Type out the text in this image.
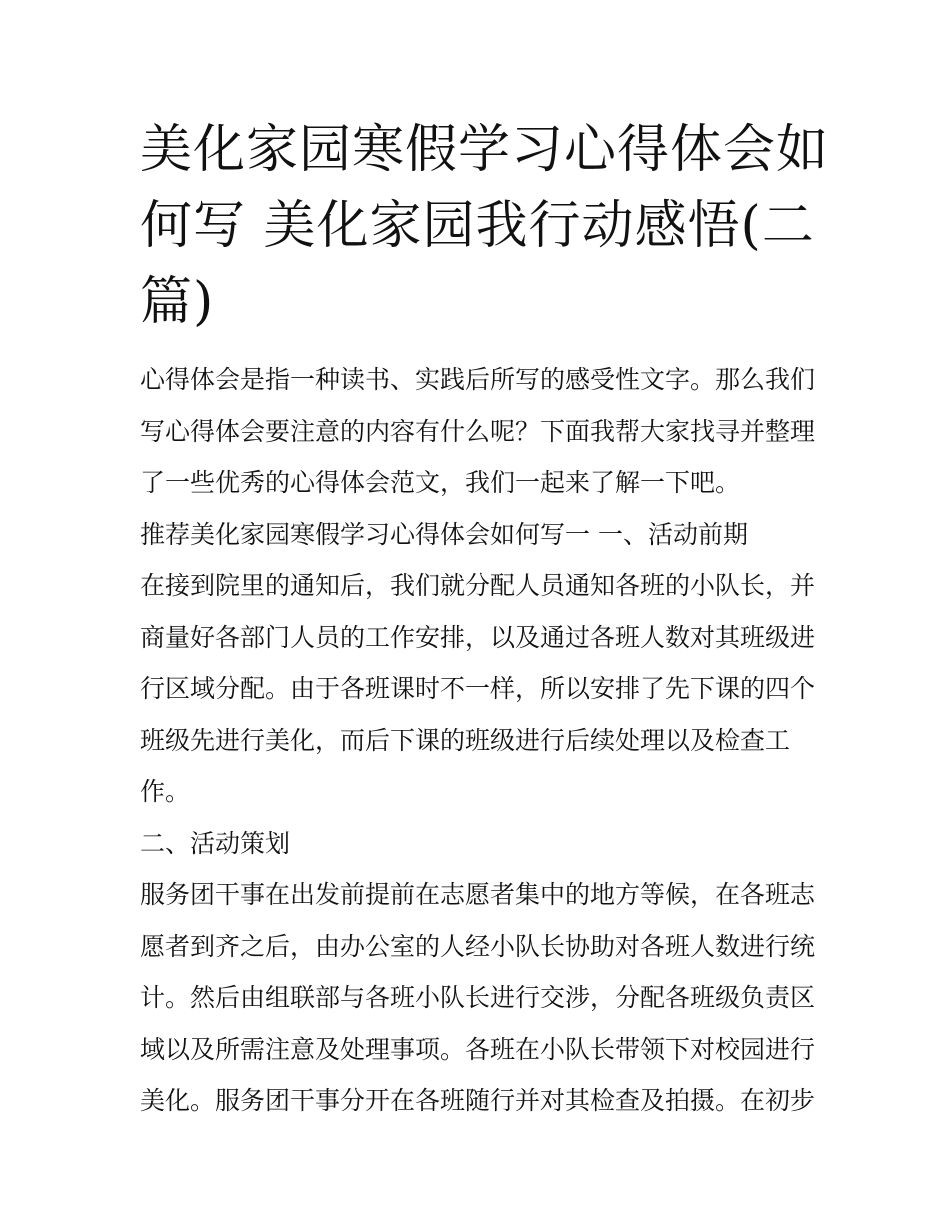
美化家园寒假学习心得体会如
何写 美化家园我行动感悟(二
篇)
心得体会是指一种读书、实践后所写的感受性文字。那么我们
写心得体会要注意的内容有什么呢？下面我帮大家找寻并整理
了一些优秀的心得体会范文，我们一起来了解一下吧。
推荐美化家园寒假学习心得体会如何写一 一、活动前期
在接到院里的通知后，我们就分配人员通知各班的小队长，并
商量好各部门人员的工作安排，以及通过各班人数对其班级进
行区域分配。由于各班课时不一样，所以安排了先下课的四个
班级先进行美化，而后下课的班级进行后续处理以及检查工
作。
二、活动策划
服务团干事在出发前提前在志愿者集中的地方等候，在各班志
愿者到齐之后，由办公室的人经小队长协助对各班人数进行统
计。然后由组联部与各班小队长进行交涉，分配各班级负责区
域以及所需注意及处理事项。各班在小队长带领下对校园进行
美化。服务团干事分开在各班随行并对其检查及拍摄。在初步
